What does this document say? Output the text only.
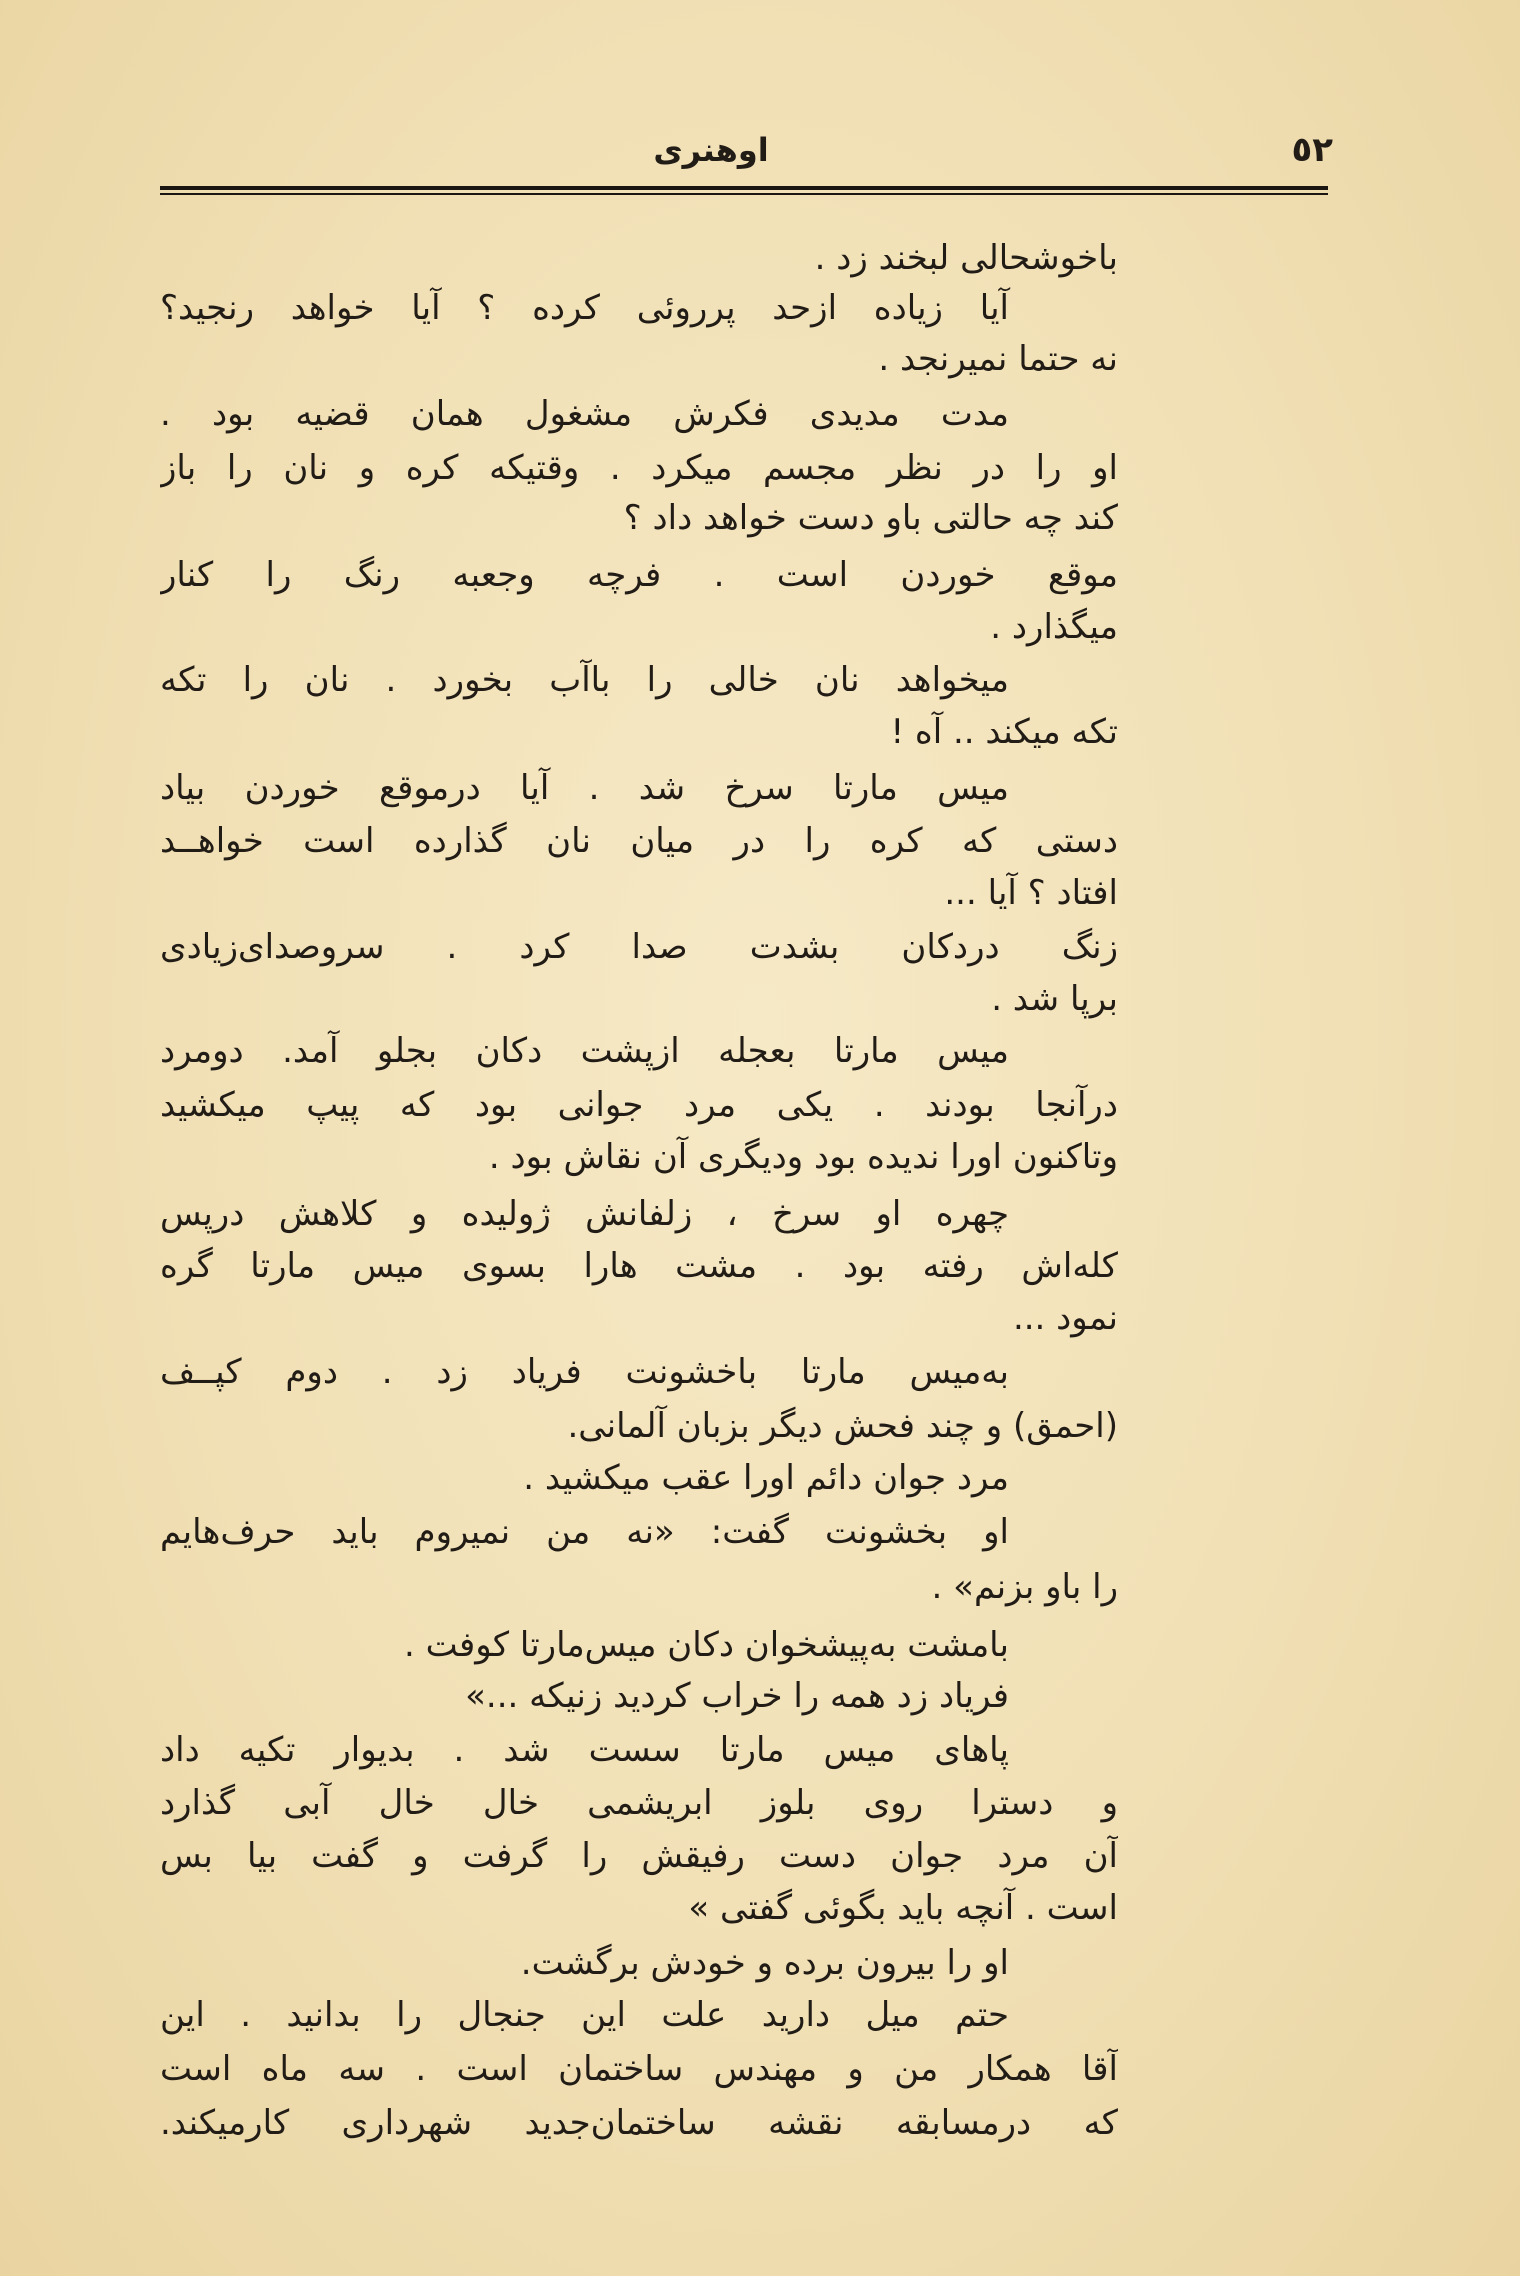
٥٢
اوهنری
باخوشحالی لبخند زد .
آیا زیاده ازحد پرروئی کرده ؟ آیا خواهد رنجید؟
نه حتما نمیرنجد .
مدت مدیدی فکرش مشغول همان قضیه بود .
او را در نظر مجسم میکرد . وقتیکه کره و نان را باز
کند چه حالتی باو دست خواهد داد ؟
موقع خوردن است . فرچه وجعبه رنگ را کنار
میگذارد .
میخواهد نان خالی را باآب بخورد . نان را تکه
تکه میکند .. آه !
میس مارتا سرخ شد . آیا درموقع خوردن بیاد
دستی که کره را در میان نان گذارده است خواهــد
افتاد ؟ آیا ...
زنگ دردکان بشدت صدا کرد . سروصدای‌زیادی
برپا شد .
میس مارتا بعجله ازپشت دکان بجلو آمد. دومرد
درآنجا بودند . یکی مرد جوانی بود که پیپ میکشید
وتاکنون اورا ندیده بود ودیگری آن نقاش بود .
چهره او سرخ ، زلفانش ژولیده و کلاهش درپس
کله‌اش رفته بود . مشت هارا بسوی میس مارتا گره
نمود ...
به‌میس مارتا باخشونت فریاد زد . دوم کپــف
(احمق) و چند فحش دیگر بزبان آلمانی.
مرد جوان دائم اورا عقب میکشید .
او بخشونت گفت: «نه من نمیروم باید حرف‌هایم
را باو بزنم» .
بامشت به‌پیشخوان دکان میس‌مارتا کوفت .
فریاد زد همه را خراب کردید زنیکه ...»
پاهای میس مارتا سست شد . بدیوار تکیه داد
و دسترا روی بلوز ابریشمی خال خال آبی گذارد
آن مرد جوان دست رفیقش را گرفت و گفت بیا بس
است . آنچه باید بگوئی گفتی »
او را بیرون برده و خودش برگشت.
حتم میل دارید علت این جنجال را بدانید . این
آقا همکار من و مهندس ساختمان است . سه ماه است
که درمسابقه نقشه ساختمان‌جدید شهرداری کارمیکند.
